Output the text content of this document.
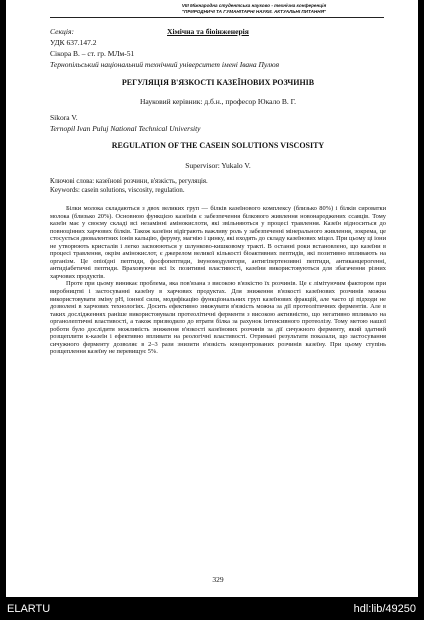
VIII Міжнародна студентська науково - технічна конференція
"ПРИРОДНИЧІ ТА ГУМАНІТАРНІ НАУКИ. АКТУАЛЬНІ ПИТАННЯ"
Секція:	Хімічна та біоінженерія
УДК 637.147.2
Сікора В. – ст. гр. МЛм-51
Тернопільський національний технічний університет імені Івана Пулюя
РЕГУЛЯЦІЯ В'ЯЗКОСТІ КАЗЕЇНОВИХ РОЗЧИНІВ
Науковий керівник: д.б.н., професор Юкало В. Г.
Sikora V.
Ternopil Ivan Puluj National Technical University
REGULATION OF THE CASEIN SOLUTIONS VISCOSITY
Supervisor: Yukalo V.
Ключові слова: казеїнові розчини, в'язкість, регуляція.
Keywords: casein solutions, viscosity, regulation.

Білки молока складаються з двох великих груп — білків казеїнового комплексу (близько 80%) і білків сироватки молока (близько 20%). Основною функцією казеїнів є забезпечення білкового живлення новонароджених ссавців. Тому казеїн має у своєму складі всі незамінні амінокислоти, які звільняються у процесі травлення. Казеїн відноситься до повноцінних харчових білків. Також казеїни відіграють важливу роль у забезпеченні мінерального живлення, зокрема, це стосується двовалентних іонів кальцію, феруму, магнію і цинку, які входять до складу казеїнових міцел. При цьому ці іони не утворюють кристалів і легко засвоюються у шлунково-кишковому тракті. В останні роки встановлено, що казеїни в процесі травлення, окрім амінокислот, є джерелом великої кількості біоактивних пептидів, які позитивно впливають на організм. Це опіоїдні пептиди, фосфопептиди, імуномодулятори, антигіпертензивні пептиди, антиканцерогенні, антидіабетичні пептиди. Враховуючи всі їх позитивні властивості, казеїни використовуються для збагачення різних харчових продуктів.

Проте при цьому виникає проблема, яка пов'язана з високою в'язкістю їх розчинів. Це є лімітуючим фактором при виробництві і застосуванні казеїну в харчових продуктах. Для зниження в'язкості казеїнових розчинів можна використовувати зміну pH, іонної сили, модифікацію функціональних груп казеїнових фракцій, але часто ці підходи не дозволені в харчових технологіях. Досить ефективно знижувати в'язкість можна за дії протеолітичних ферментів. Але в таких дослідженнях раніше використовували протеолітичні ферменти з високою активністю, що негативно впливало на органолептичні властивості, а також призводило до втрати білка за рахунок інтенсивного протеолізу. Тому метою нашої роботи було дослідити можливість зниження в'язкості казеїнових розчинів за дії сичужного ферменту, який здатний розщеплити к-казеїн і ефективно впливати на реологічні властивості. Отримані результати показали, що застосування сичужного ферменту дозволяє в 2–3 рази знизити в'язкість концентрованих розчинів казеїну. При цьому ступінь розщеплення казеїну не перевищує 5%.

329
ELARTU	hdl:lib/49250
